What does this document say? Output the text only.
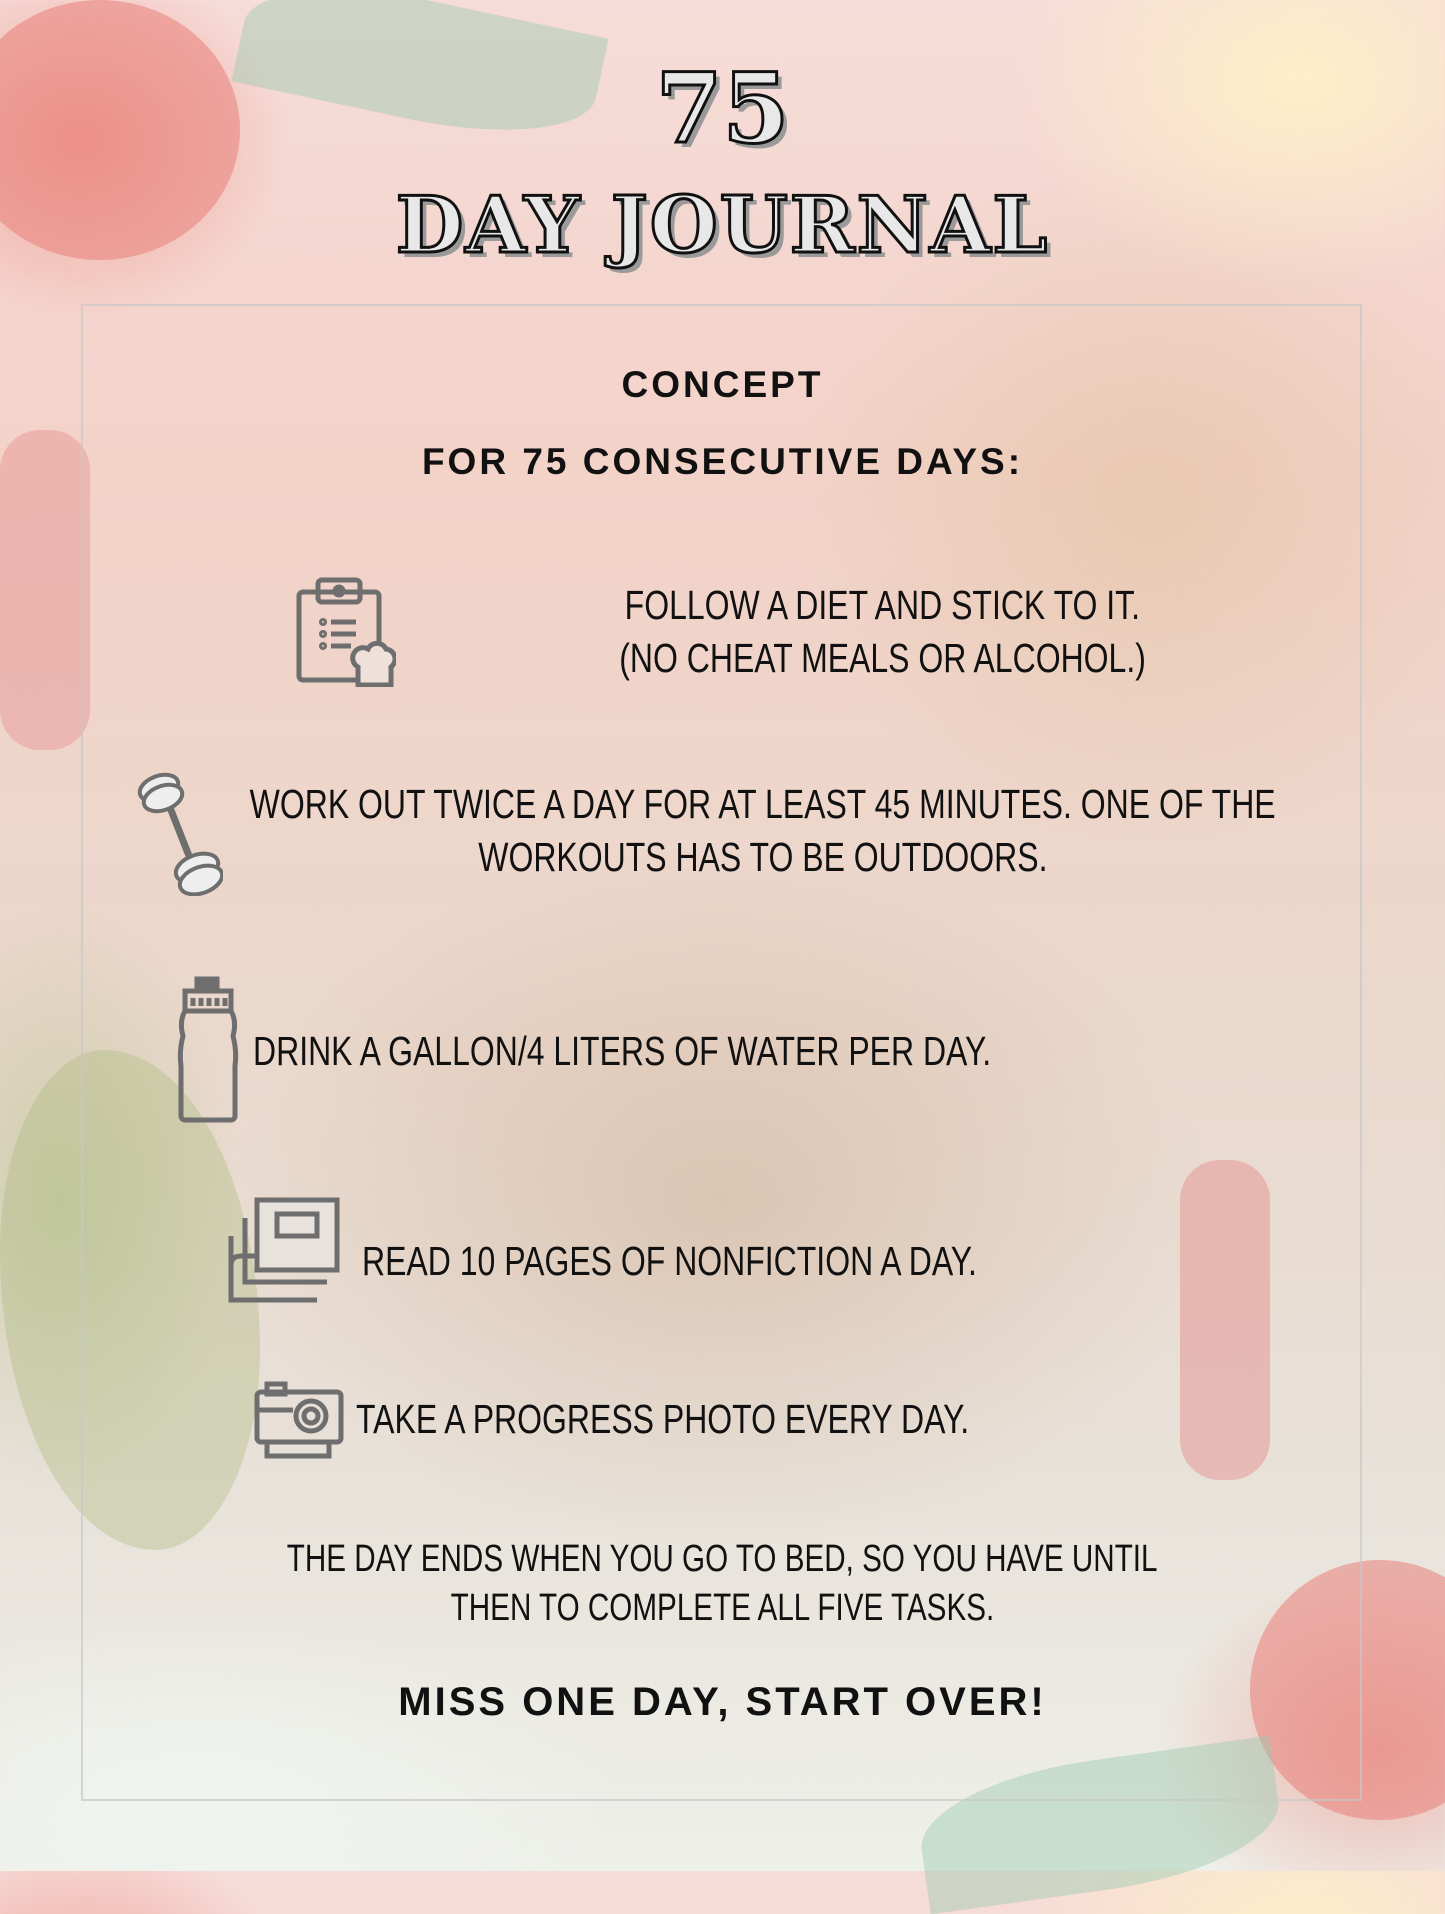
75
DAY JOURNAL
CONCEPT
FOR 75 CONSECUTIVE DAYS:
FOLLOW A DIET AND STICK TO IT.
(NO CHEAT MEALS OR ALCOHOL.)
WORK OUT TWICE A DAY FOR AT LEAST 45 MINUTES. ONE OF THE
WORKOUTS HAS TO BE OUTDOORS.
DRINK A GALLON/4 LITERS OF WATER PER DAY.
READ 10 PAGES OF NONFICTION A DAY.
TAKE A PROGRESS PHOTO EVERY DAY.
THE DAY ENDS WHEN YOU GO TO BED, SO YOU HAVE UNTIL
THEN TO COMPLETE ALL FIVE TASKS.
MISS ONE DAY, START OVER!
